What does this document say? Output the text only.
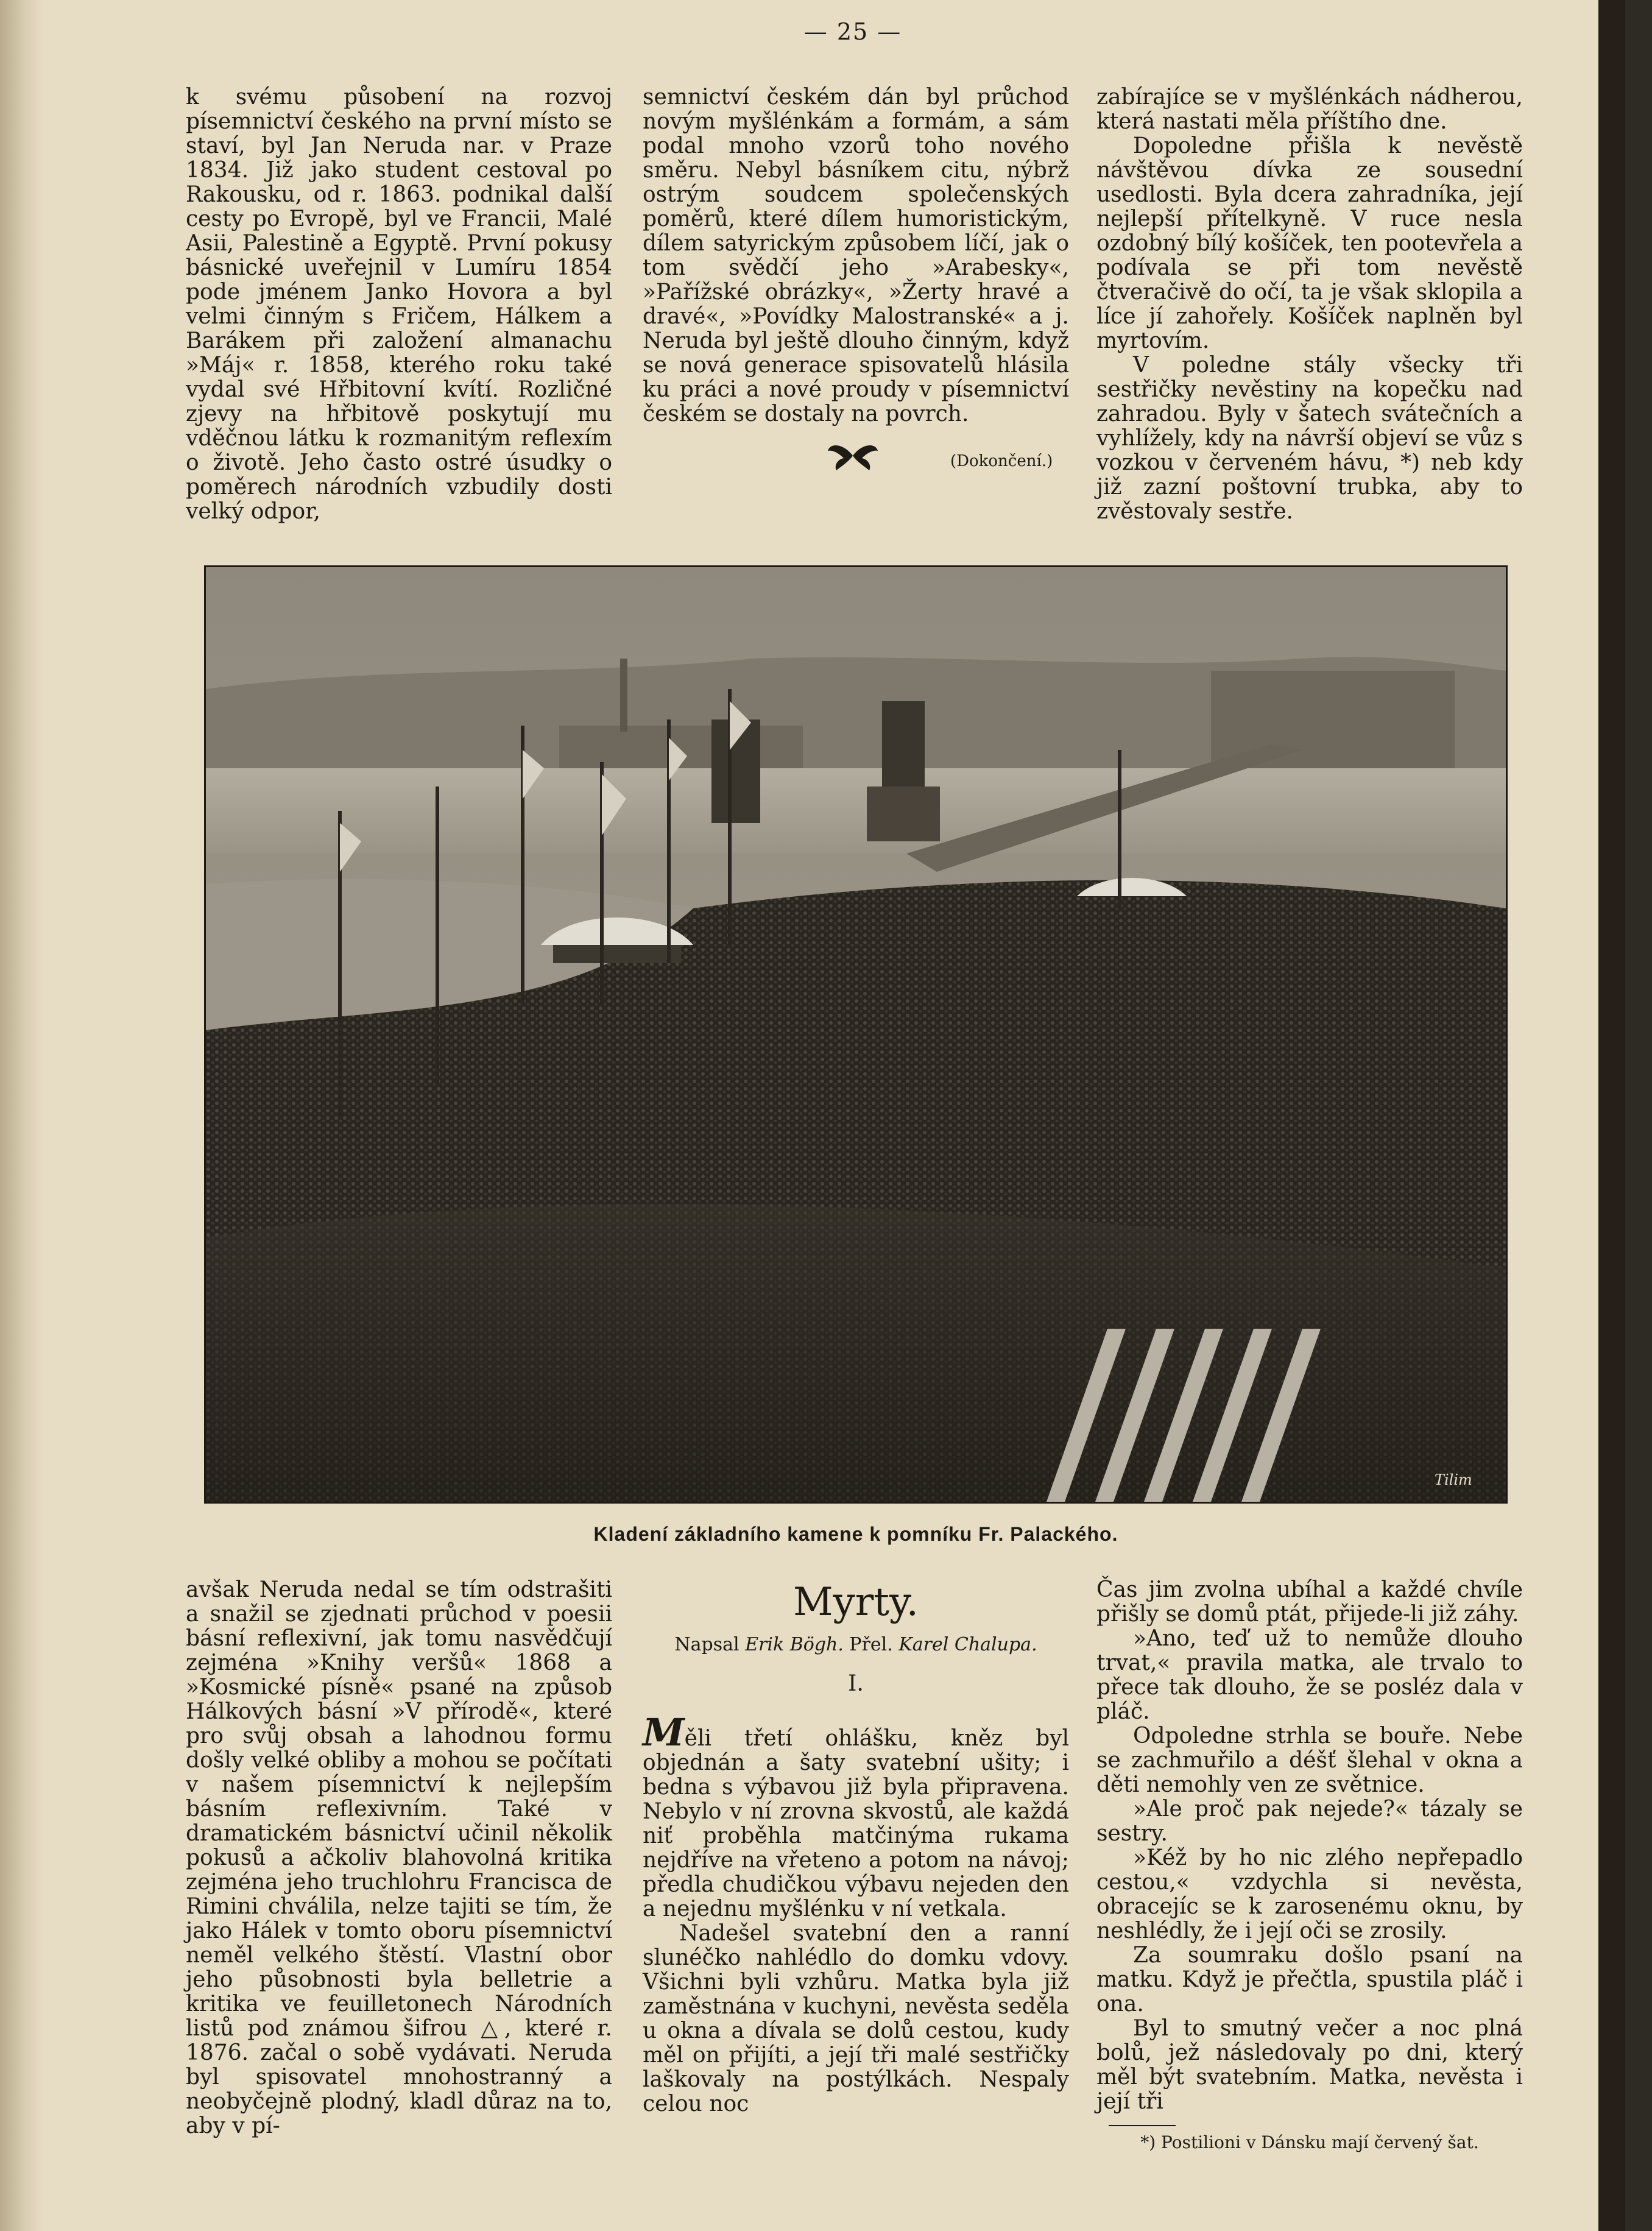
— 25 —

k svému působení na rozvoj písemnictví českého na první místo se staví, byl Jan Neruda nar. v Praze 1834. Již jako student cestoval po Rakousku, od r. 1863. podnikal další cesty po Evropě, byl ve Francii, Malé Asii, Palestině a Egyptě. První pokusy básnické uveřejnil v Lumíru 1854 pode jménem Janko Hovora a byl velmi činným s Fričem, Hálkem a Barákem při založení almanachu »Máj« r. 1858, kterého roku také vydal své Hřbitovní kvítí. Rozličné zjevy na hřbitově poskytují mu vděčnou látku k rozmanitým reflexím o životě. Jeho často ostré úsudky o poměrech národních vzbudily dosti velký odpor,

semnictví českém dán byl průchod novým myšlénkám a formám, a sám podal mnoho vzorů toho nového směru. Nebyl básníkem citu, nýbrž ostrým soudcem společenských poměrů, které dílem humoristickým, dílem satyrickým způsobem líčí, jak o tom svědčí jeho »Arabesky«, »Pařížské obrázky«, »Žerty hravé a dravé«, »Povídky Malostranské« a j. Neruda byl ještě dlouho činným, když se nová generace spisovatelů hlásila ku práci a nové proudy v písemnictví českém se dostaly na povrch.

(Dokončení.)

zabírajíce se v myšlénkách nádherou, která nastati měla příštího dne.

Dopoledne přišla k nevěstě návštěvou dívka ze sousední usedlosti. Byla dcera zahradníka, její nejlepší přítelkyně. V ruce nesla ozdobný bílý košíček, ten pootevřela a podívala se při tom nevěstě čtveračivě do očí, ta je však sklopila a líce jí zahořely. Košíček naplněn byl myrtovím.

V poledne stály všecky tři sestřičky nevěstiny na kopečku nad zahradou. Byly v šatech svátečních a vyhlížely, kdy na návrší objeví se vůz s vozkou v červeném hávu, *) neb kdy již zazní poštovní trubka, aby to zvěstovaly sestře.

Tilim
Kladení základního kamene k pomníku Fr. Palackého.

avšak Neruda nedal se tím odstrašiti a snažil se zjednati průchod v poesii básní reflexivní, jak tomu nasvědčují zejména »Knihy veršů« 1868 a »Kosmické písně« psané na způsob Hálkových básní »V přírodě«, které pro svůj obsah a lahodnou formu došly velké obliby a mohou se počítati v našem písemnictví k nejlepším básním reflexivním. Také v dramatickém básnictví učinil několik pokusů a ačkoliv blahovolná kritika zejména jeho truchlohru Francisca de Rimini chválila, nelze tajiti se tím, že jako Hálek v tomto oboru písemnictví neměl velkého štěstí. Vlastní obor jeho působnosti byla belletrie a kritika ve feuilletonech Národních listů pod známou šifrou △, které r. 1876. začal o sobě vydávati. Neruda byl spisovatel mnohostranný a neobyčejně plodný, kladl důraz na to, aby v pí-

Myrty.
Napsal Erik Bögh. Přel. Karel Chalupa.
I.

Měli třetí ohlášku, kněz byl objednán a šaty svatební ušity; i bedna s výbavou již byla připravena. Nebylo v ní zrovna skvostů, ale každá niť proběhla matčinýma rukama nejdříve na vřeteno a potom na návoj; předla chudičkou výbavu nejeden den a nejednu myšlénku v ní vetkala.

Nadešel svatební den a ranní slunéčko nahlédlo do domku vdovy. Všichni byli vzhůru. Matka byla již zaměstnána v kuchyni, nevěsta seděla u okna a dívala se dolů cestou, kudy měl on přijíti, a její tři malé sestřičky laškovaly na postýlkách. Nespaly celou noc

Čas jim zvolna ubíhal a každé chvíle přišly se domů ptát, přijede-li již záhy.

»Ano, teď už to nemůže dlouho trvat,« pravila matka, ale trvalo to přece tak dlouho, že se posléz dala v pláč.

Odpoledne strhla se bouře. Nebe se zachmuřilo a déšť šlehal v okna a děti nemohly ven ze světnice.

»Ale proč pak nejede?« tázaly se sestry.

»Kéž by ho nic zlého nepřepadlo cestou,« vzdychla si nevěsta, obracejíc se k zarosenému oknu, by neshlédly, že i její oči se zrosily.

Za soumraku došlo psaní na matku. Když je přečtla, spustila pláč i ona.

Byl to smutný večer a noc plná bolů, jež následovaly po dni, který měl být svatebním. Matka, nevěsta i její tři

*) Postilioni v Dánsku mají červený šat.
